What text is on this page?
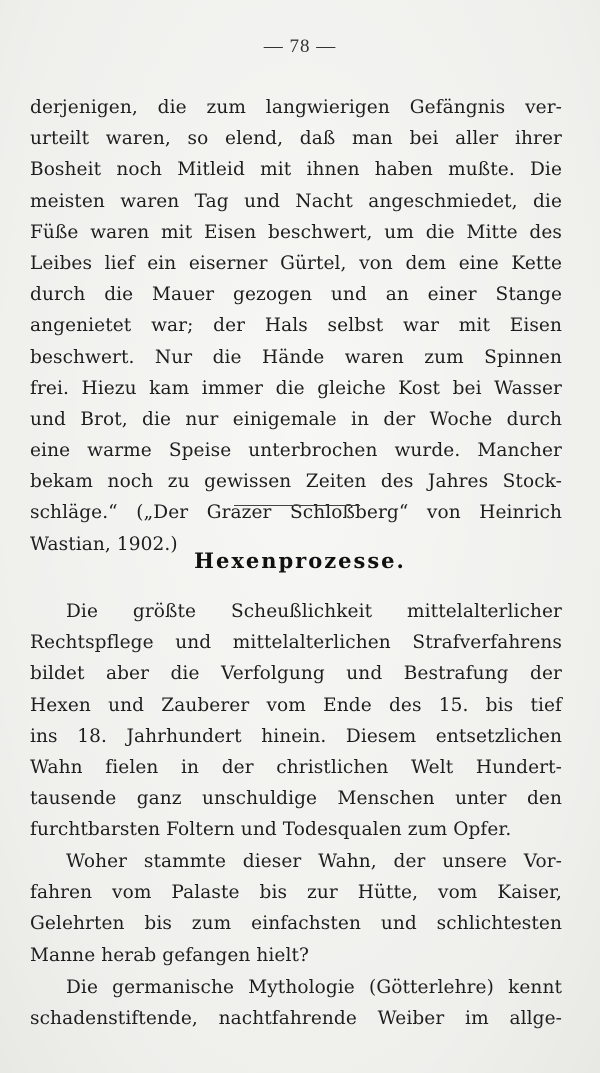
— 78 —
derjenigen, die zum langwierigen Gefängnis ver-
urteilt waren, so elend, daß man bei aller ihrer
Bosheit noch Mitleid mit ihnen haben mußte. Die
meisten waren Tag und Nacht angeschmiedet, die
Füße waren mit Eisen beschwert, um die Mitte des
Leibes lief ein eiserner Gürtel, von dem eine Kette
durch die Mauer gezogen und an einer Stange
angenietet war; der Hals selbst war mit Eisen
beschwert. Nur die Hände waren zum Spinnen
frei. Hiezu kam immer die gleiche Kost bei Wasser
und Brot, die nur einigemale in der Woche durch
eine warme Speise unterbrochen wurde. Mancher
bekam noch zu gewissen Zeiten des Jahres Stock-
schläge.“ („Der Grazer Schloßberg“ von Heinrich
Wastian, 1902.)
Hexenprozesse.
Die größte Scheußlichkeit mittelalterlicher
Rechtspflege und mittelalterlichen Strafverfahrens
bildet aber die Verfolgung und Bestrafung der
Hexen und Zauberer vom Ende des 15. bis tief
ins 18. Jahrhundert hinein. Diesem entsetzlichen
Wahn fielen in der christlichen Welt Hundert-
tausende ganz unschuldige Menschen unter den
furchtbarsten Foltern und Todesqualen zum Opfer.
Woher stammte dieser Wahn, der unsere Vor-
fahren vom Palaste bis zur Hütte, vom Kaiser,
Gelehrten bis zum einfachsten und schlichtesten
Manne herab gefangen hielt?
Die germanische Mythologie (Götterlehre) kennt
schadenstiftende, nachtfahrende Weiber im allge-
